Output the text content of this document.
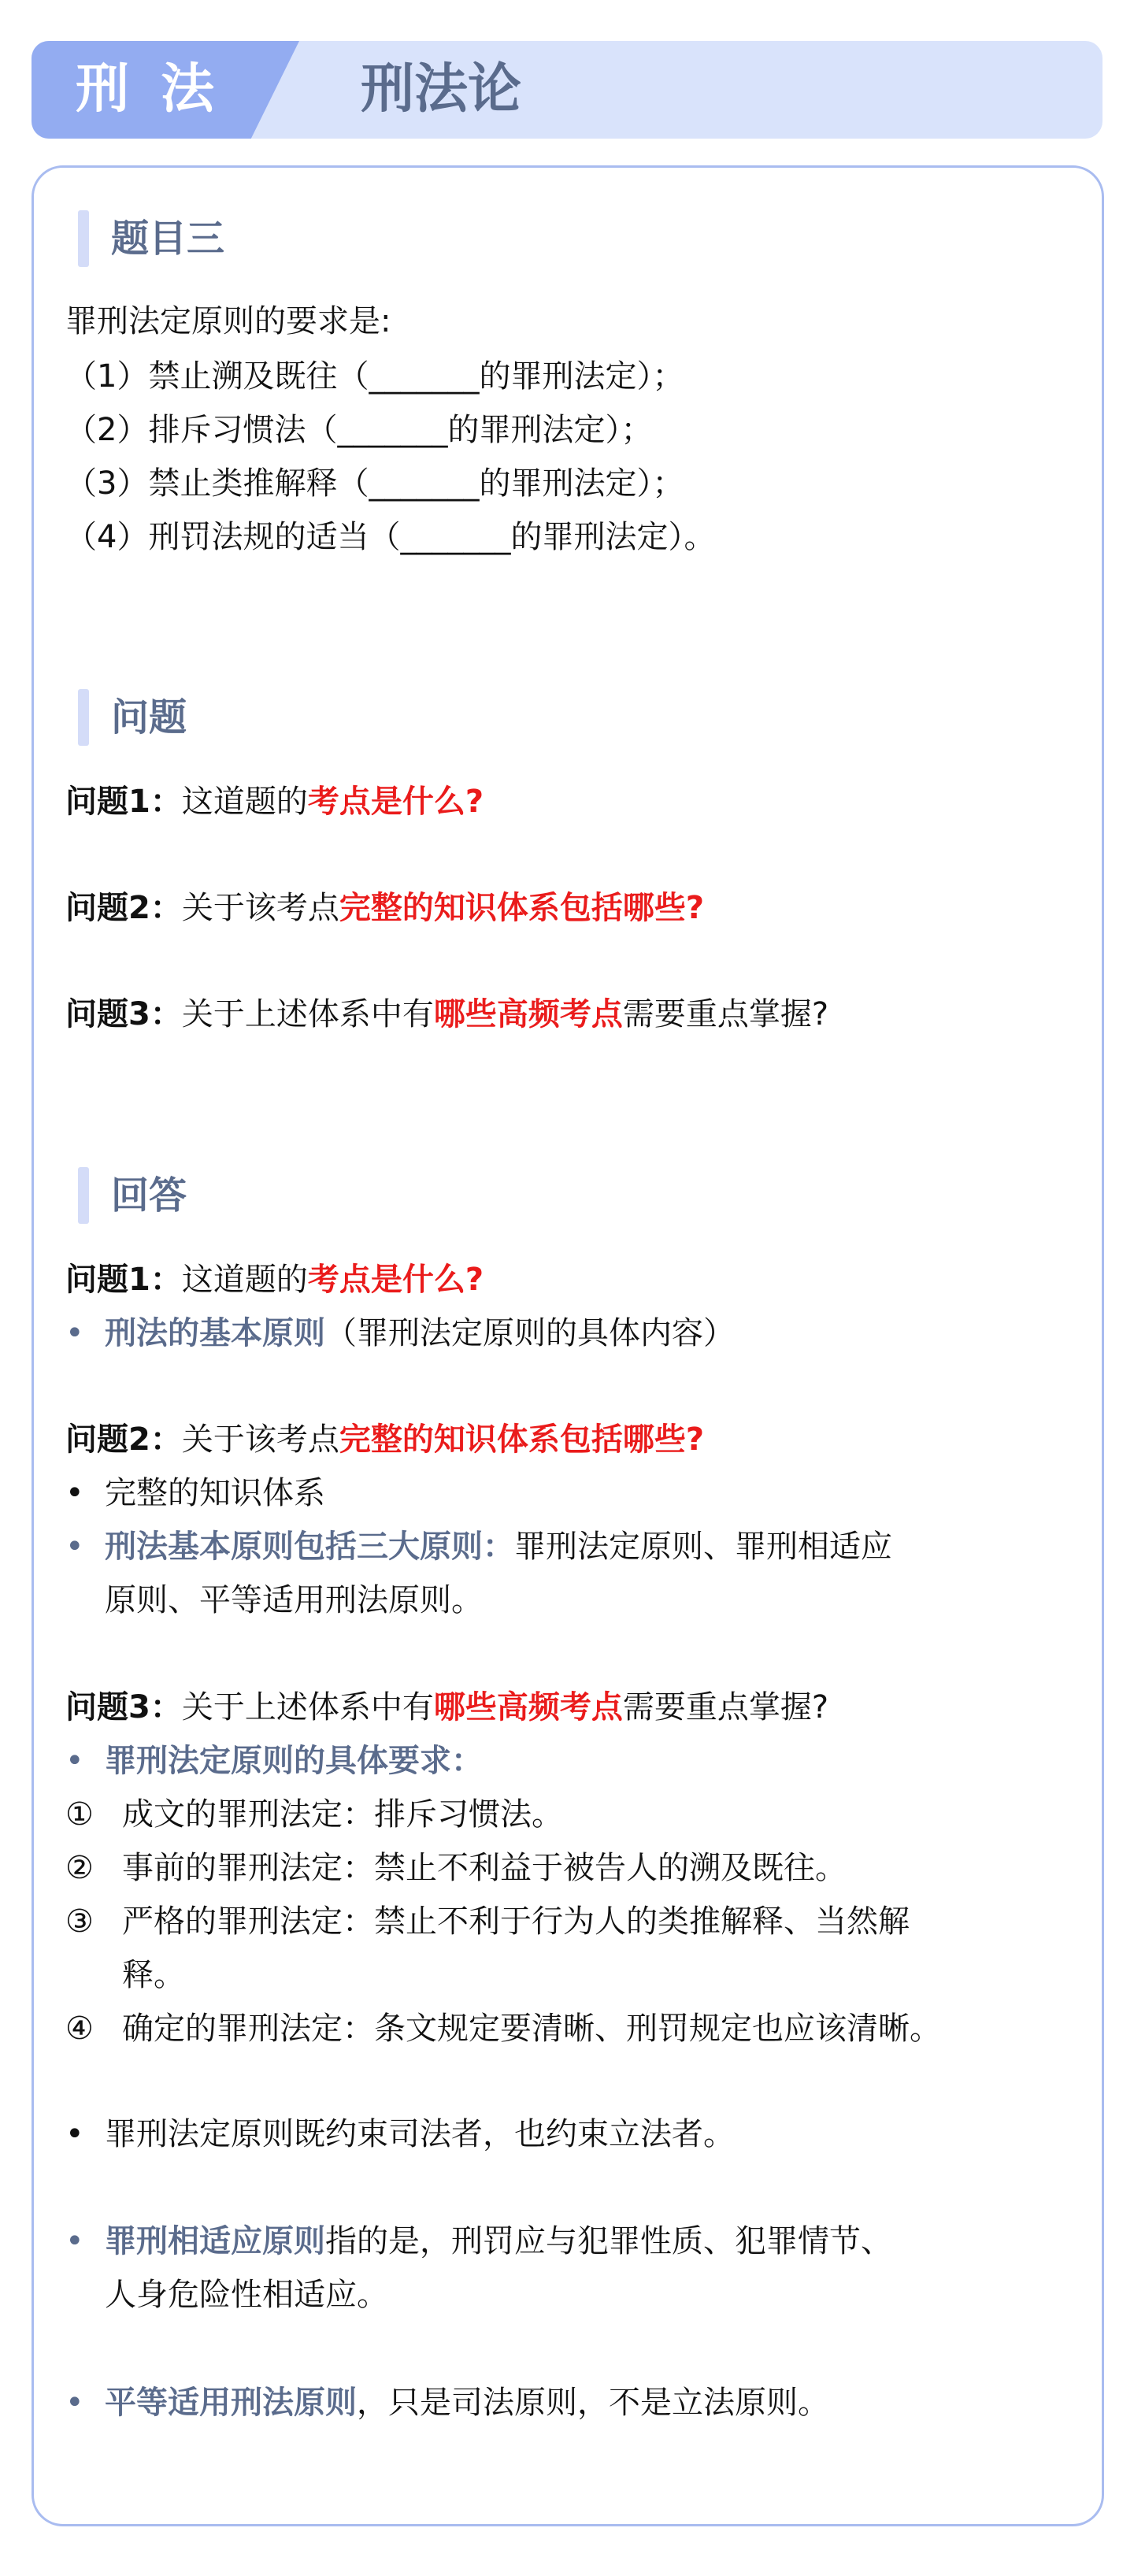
刑法 刑法论
题目三
罪刑法定原则的要求是:
（1）禁止溯及既往（_______的罪刑法定）；
（2）排斥习惯法（_______的罪刑法定）；
（3）禁止类推解释（_______的罪刑法定）；
（4）刑罚法规的适当（_______的罪刑法定）。
问题
问题1：这道题的考点是什么?
问题2：关于该考点完整的知识体系包括哪些?
问题3：关于上述体系中有哪些高频考点需要重点掌握?
回答
问题1：这道题的考点是什么?
• 刑法的基本原则（罪刑法定原则的具体内容）
问题2：关于该考点完整的知识体系包括哪些?
• 完整的知识体系
• 刑法基本原则包括三大原则：罪刑法定原则、罪刑相适应
原则、平等适用刑法原则。
问题3：关于上述体系中有哪些高频考点需要重点掌握?
• 罪刑法定原则的具体要求：
① 成文的罪刑法定：排斥习惯法。
② 事前的罪刑法定：禁止不利益于被告人的溯及既往。
③ 严格的罪刑法定：禁止不利于行为人的类推解释、当然解
释。
④ 确定的罪刑法定：条文规定要清晰、刑罚规定也应该清晰。
• 罪刑法定原则既约束司法者，也约束立法者。
• 罪刑相适应原则指的是，刑罚应与犯罪性质、犯罪情节、
人身危险性相适应。
• 平等适用刑法原则，只是司法原则，不是立法原则。
